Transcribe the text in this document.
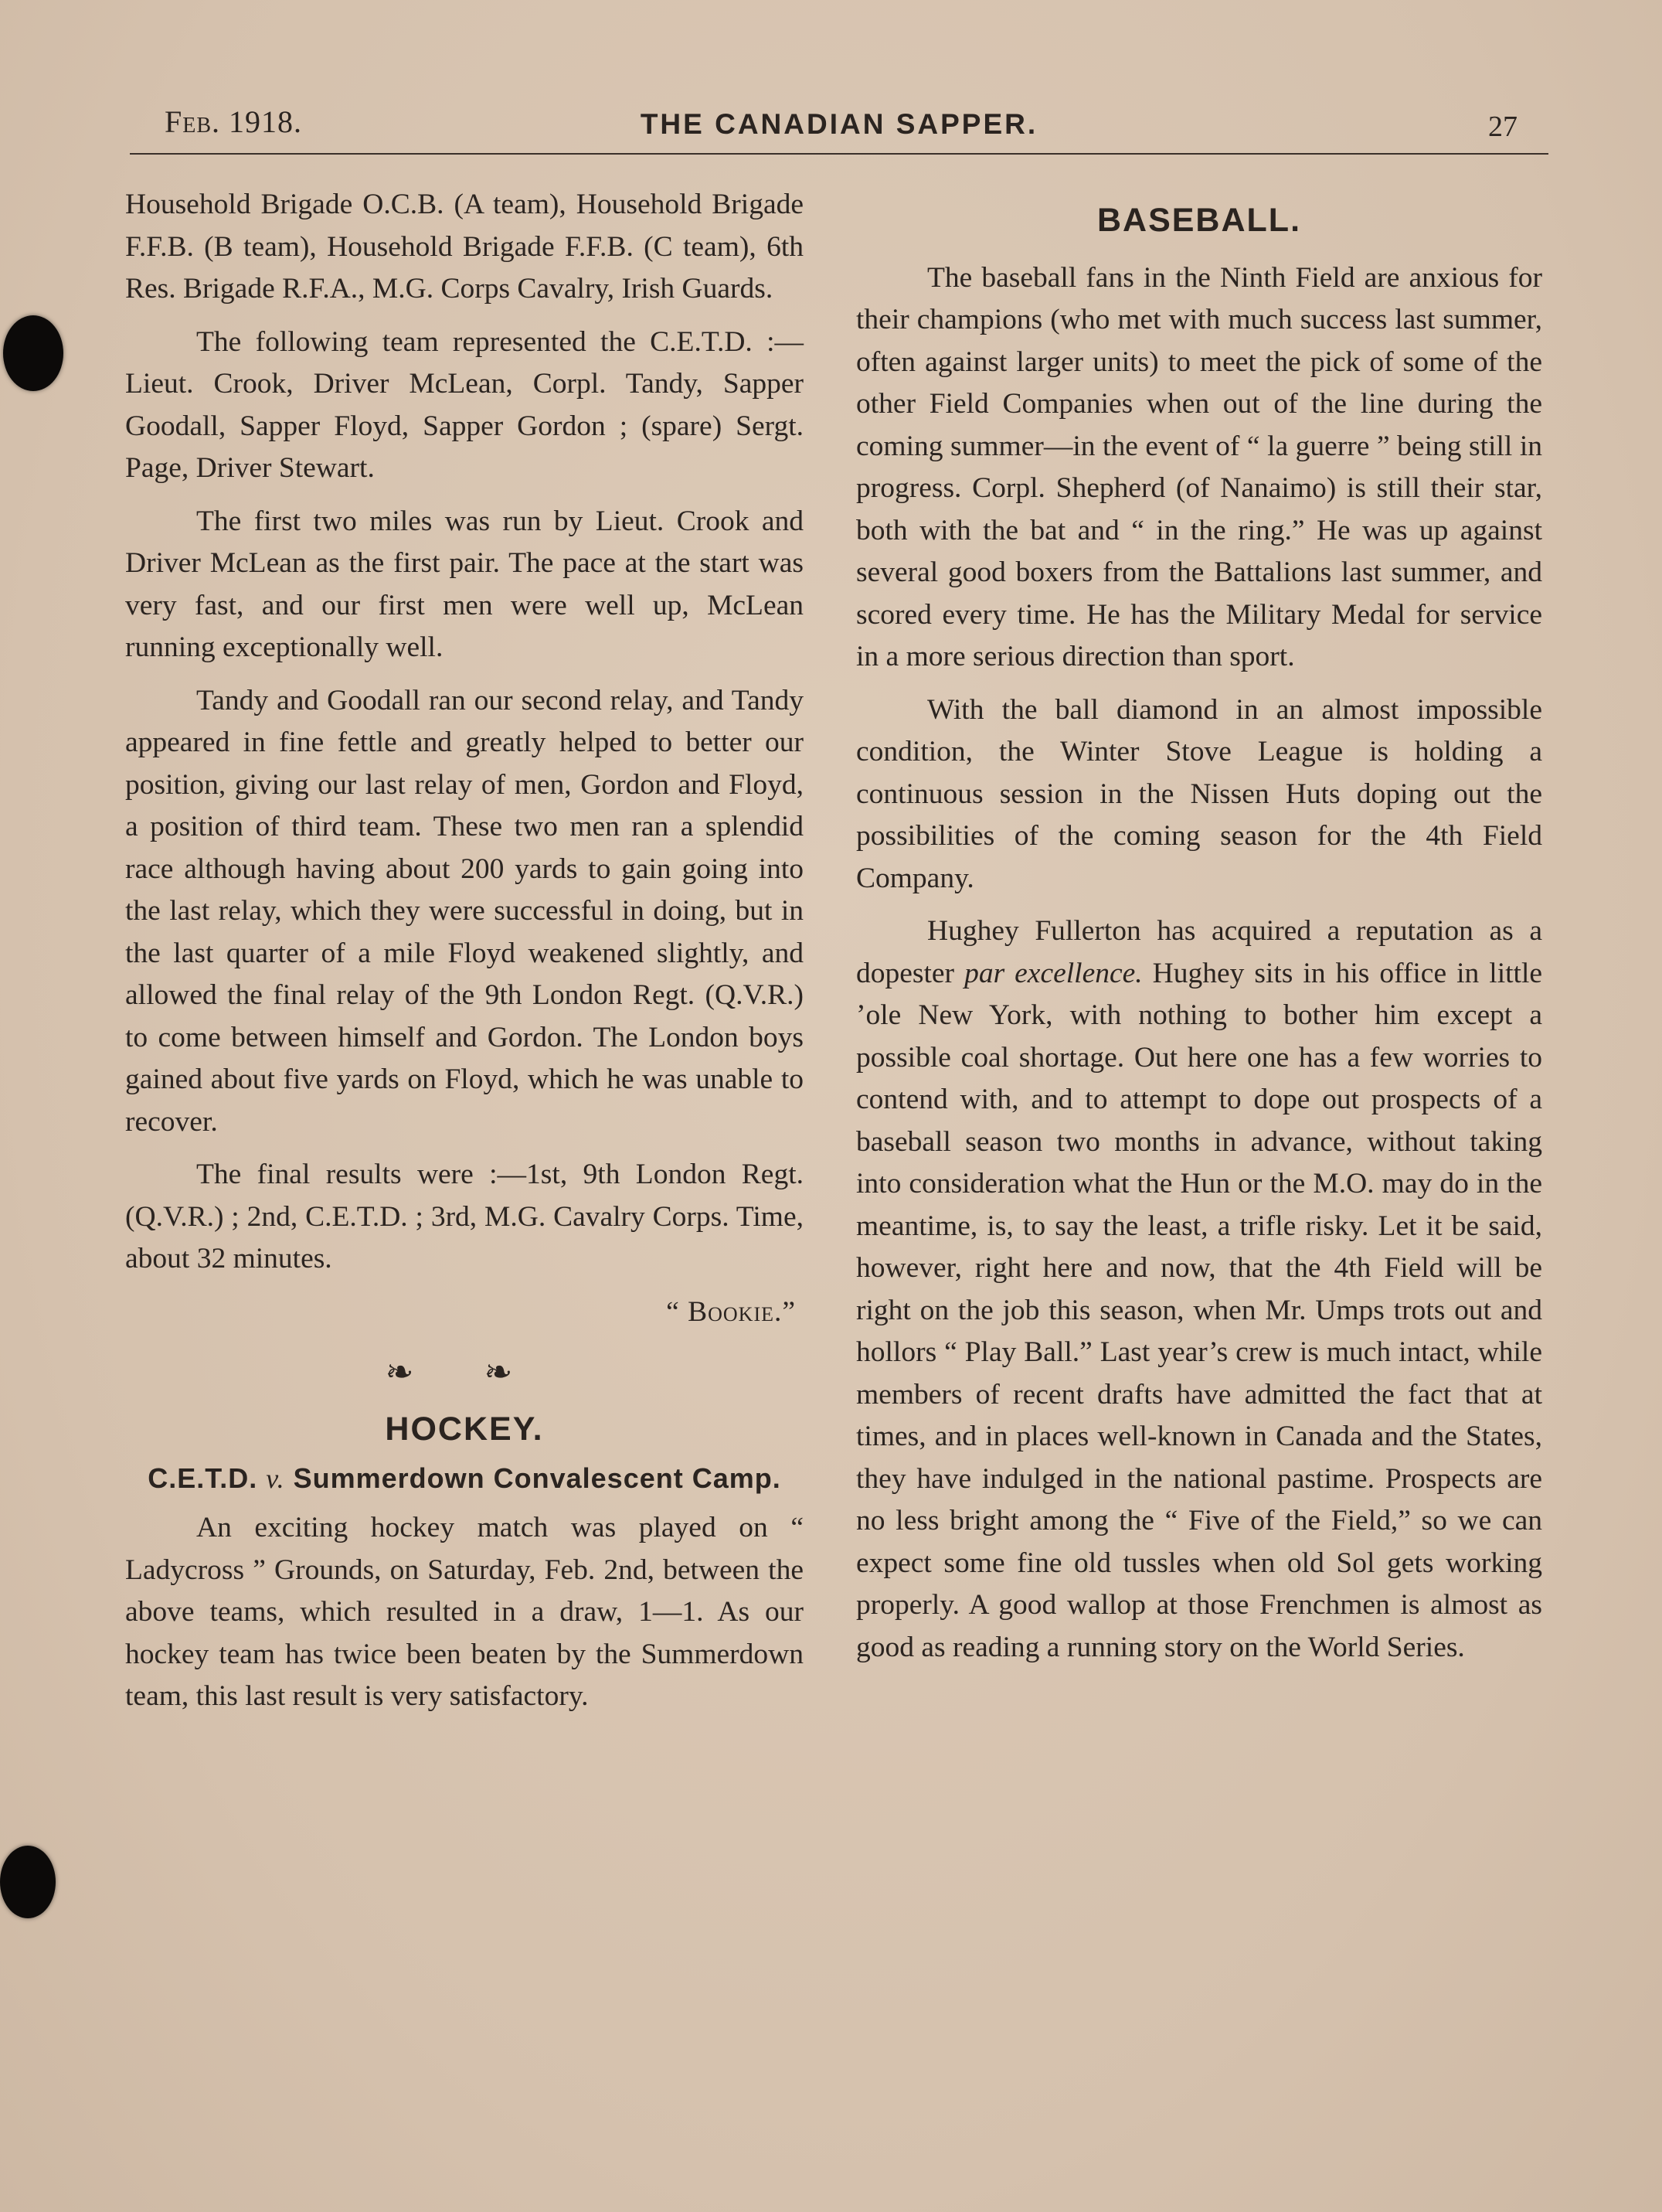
Feb. 1918.	THE CANADIAN SAPPER.	27

Household Brigade O.C.B. (A team), Household Brigade F.F.B. (B team), Household Brigade F.F.B. (C team), 6th Res. Brigade R.F.A., M.G. Corps Cavalry, Irish Guards.

The following team represented the C.E.T.D. :—Lieut. Crook, Driver McLean, Corpl. Tandy, Sapper Goodall, Sapper Floyd, Sapper Gordon ; (spare) Sergt. Page, Driver Stewart.

The first two miles was run by Lieut. Crook and Driver McLean as the first pair. The pace at the start was very fast, and our first men were well up, McLean running exceptionally well.

Tandy and Goodall ran our second relay, and Tandy appeared in fine fettle and greatly helped to better our position, giving our last relay of men, Gordon and Floyd, a position of third team. These two men ran a splendid race although having about 200 yards to gain going into the last relay, which they were successful in doing, but in the last quarter of a mile Floyd weakened slightly, and allowed the final relay of the 9th London Regt. (Q.V.R.) to come between himself and Gordon. The London boys gained about five yards on Floyd, which he was unable to recover.

The final results were :—1st, 9th London Regt. (Q.V.R.) ; 2nd, C.E.T.D. ; 3rd, M.G. Cavalry Corps. Time, about 32 minutes.

“ Bookie.”
❧ ❧
HOCKEY.
C.E.T.D. v. Summerdown Convalescent Camp.

An exciting hockey match was played on “ Ladycross ” Grounds, on Saturday, Feb. 2nd, between the above teams, which resulted in a draw, 1—1. As our hockey team has twice been beaten by the Summerdown team, this last result is very satisfactory.

BASEBALL.

The baseball fans in the Ninth Field are anxious for their champions (who met with much success last summer, often against larger units) to meet the pick of some of the other Field Companies when out of the line during the coming summer—in the event of “ la guerre ” being still in progress. Corpl. Shepherd (of Nanaimo) is still their star, both with the bat and “ in the ring.” He was up against several good boxers from the Battalions last summer, and scored every time. He has the Military Medal for service in a more serious direction than sport.

With the ball diamond in an almost impossible condition, the Winter Stove League is holding a continuous session in the Nissen Huts doping out the possibilities of the coming season for the 4th Field Company.

Hughey Fullerton has acquired a reputation as a dopester par excellence. Hughey sits in his office in little ’ole New York, with nothing to bother him except a possible coal shortage. Out here one has a few worries to contend with, and to attempt to dope out prospects of a baseball season two months in advance, without taking into consideration what the Hun or the M.O. may do in the meantime, is, to say the least, a trifle risky. Let it be said, however, right here and now, that the 4th Field will be right on the job this season, when Mr. Umps trots out and hollors “ Play Ball.” Last year’s crew is much intact, while members of recent drafts have admitted the fact that at times, and in places well-known in Canada and the States, they have indulged in the national pastime. Prospects are no less bright among the “ Five of the Field,” so we can expect some fine old tussles when old Sol gets working properly. A good wallop at those Frenchmen is almost as good as reading a running story on the World Series.
